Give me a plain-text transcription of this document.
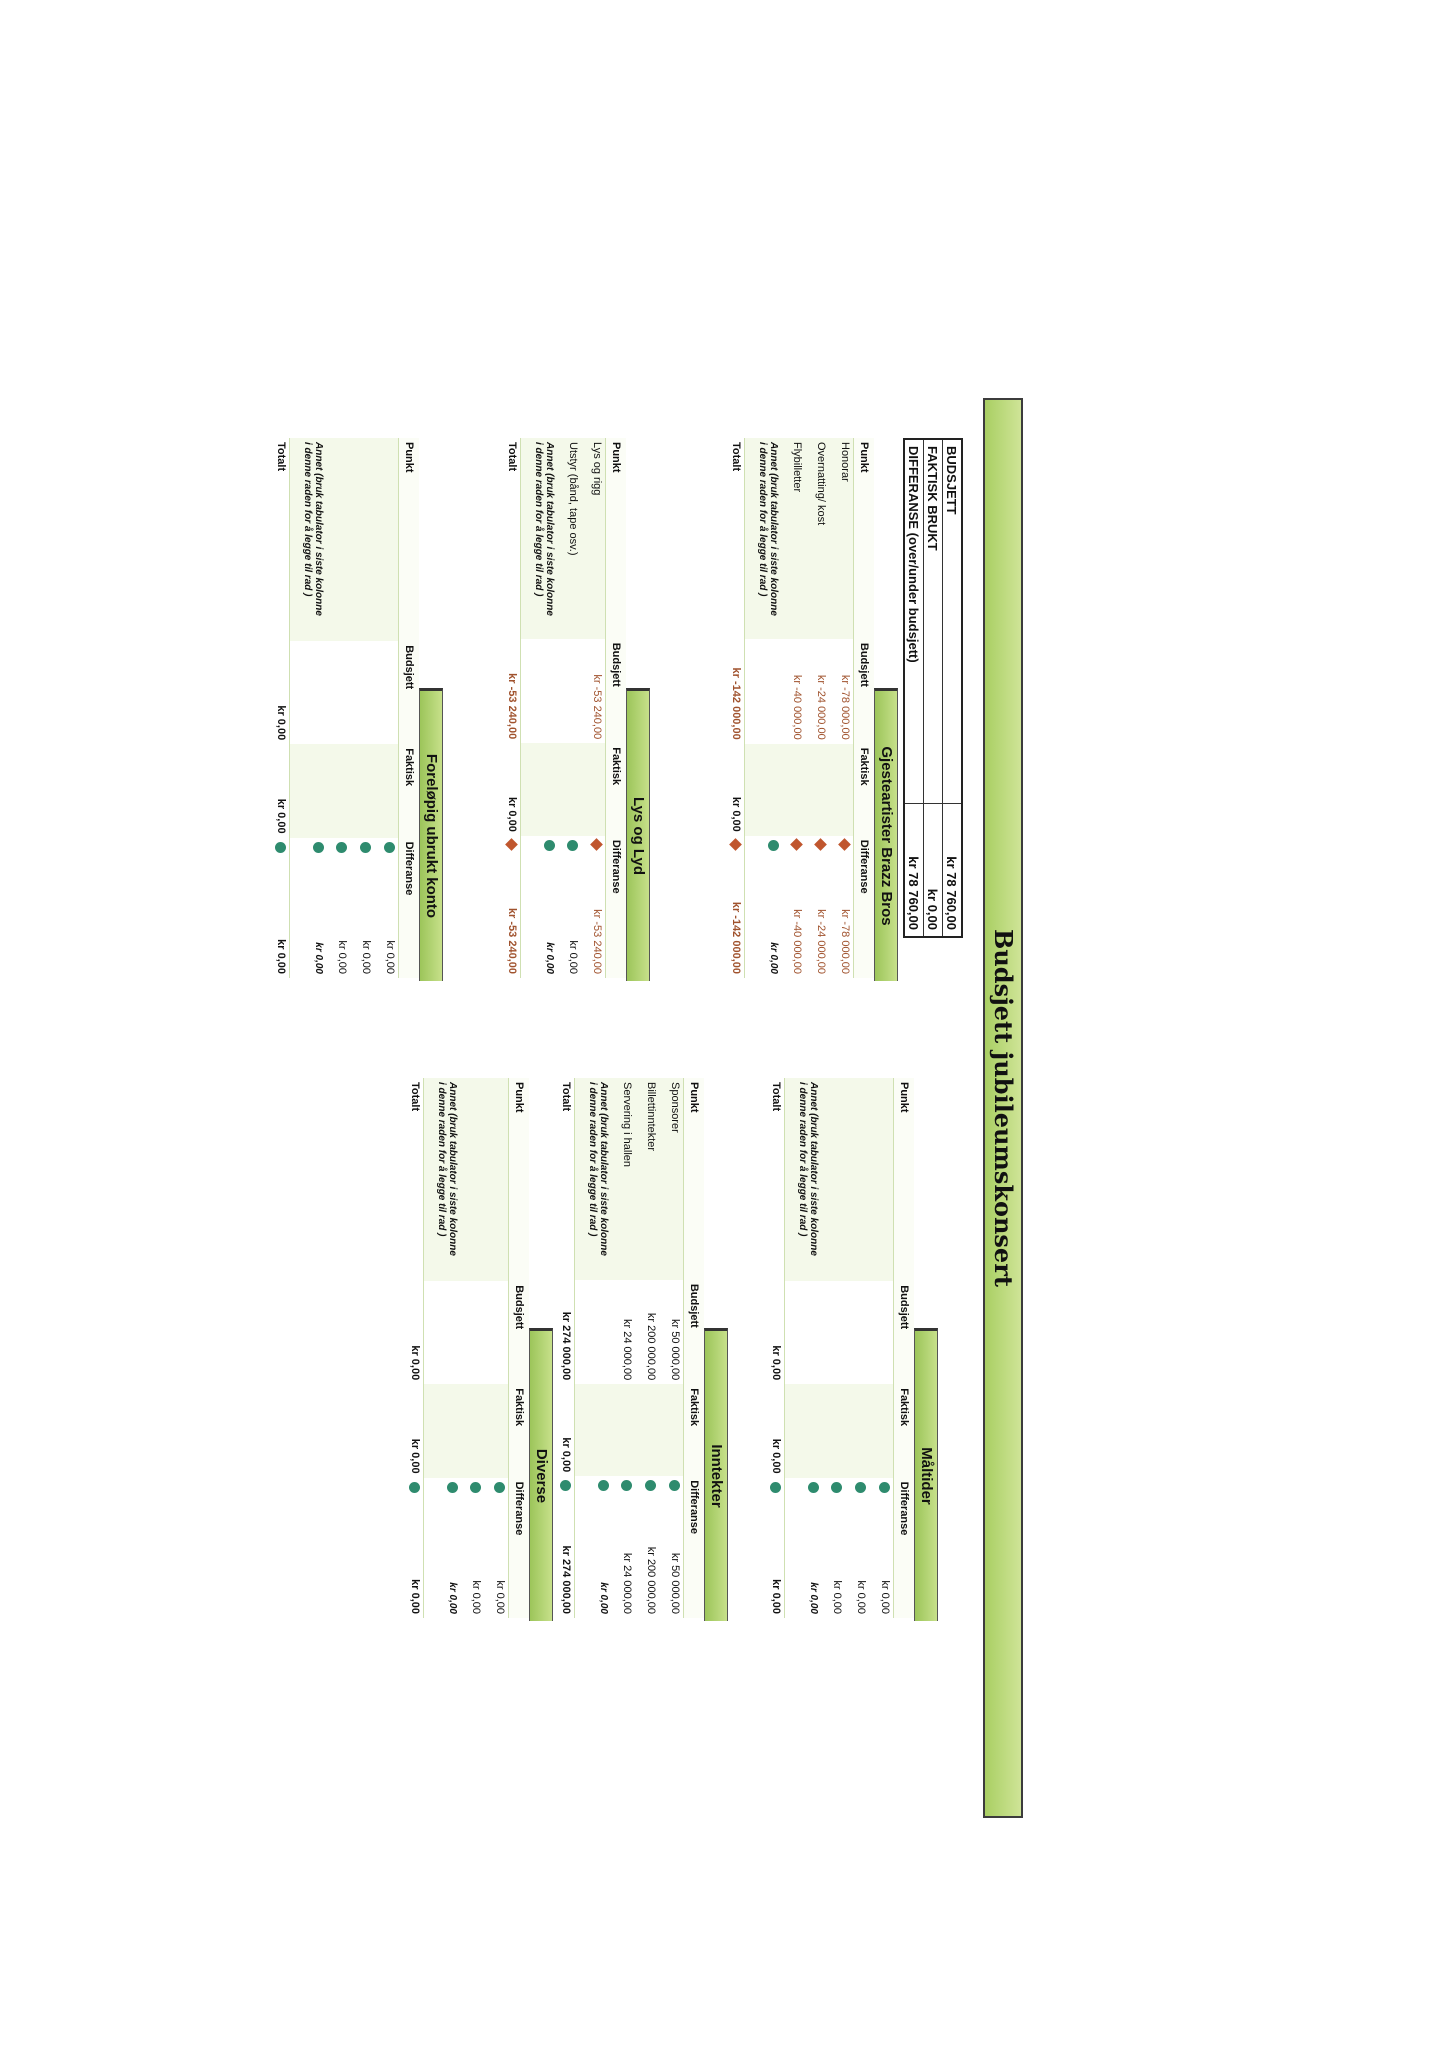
Budsjett jubileumskonsert
BUDSJETT	kr 78 760,00
FAKTISK BRUKT	kr 0,00
DIFFERANSE (over/under budsjett)	kr 78 760,00
Gjesteartister Brazz Bros
Punkt	Budsjett	Faktisk	Differanse
Honorar	kr -78 000,00		kr -78 000,00

Overnatting/ kost	kr -24 000,00		kr -24 000,00

Flybilletter	kr -40 000,00		kr -40 000,00

Annet (bruk tabulator i siste kolonne
i denne raden for å legge til rad )			kr 0,00

Totalt	kr -142 000,00	kr 0,00	kr -142 000,00
Lys og Lyd
Punkt	Budsjett	Faktisk	Differanse
Lys og rigg	kr -53 240,00		kr -53 240,00

Utstyr (bånd, tape osv.)			kr 0,00

Annet (bruk tabulator i siste kolonne
i denne raden for å legge til rad )			kr 0,00

Totalt	kr -53 240,00	kr 0,00	kr -53 240,00
Foreløpig ubrukt konto
Punkt	Budsjett	Faktisk	Differanse

			kr 0,00

			kr 0,00

			kr 0,00

Annet (bruk tabulator i siste kolonne
i denne raden for å legge til rad )			kr 0,00

Totalt	kr 0,00	kr 0,00	kr 0,00
Måltider
Punkt	Budsjett	Faktisk	Differanse

			kr 0,00

			kr 0,00

			kr 0,00

Annet (bruk tabulator i siste kolonne
i denne raden for å legge til rad )			kr 0,00

Totalt	kr 0,00	kr 0,00	kr 0,00
Inntekter
Punkt	Budsjett	Faktisk	Differanse
Sponsorer	kr 50 000,00		kr 50 000,00

Billettinntekter	kr 200 000,00		kr 200 000,00

Servering i hallen	kr 24 000,00		kr 24 000,00

Annet (bruk tabulator i siste kolonne
i denne raden for å legge til rad )			kr 0,00

Totalt	kr 274 000,00	kr 0,00	kr 274 000,00
Diverse
Punkt	Budsjett	Faktisk	Differanse

			kr 0,00

			kr 0,00

Annet (bruk tabulator i siste kolonne
i denne raden for å legge til rad )			kr 0,00

Totalt	kr 0,00	kr 0,00	kr 0,00
